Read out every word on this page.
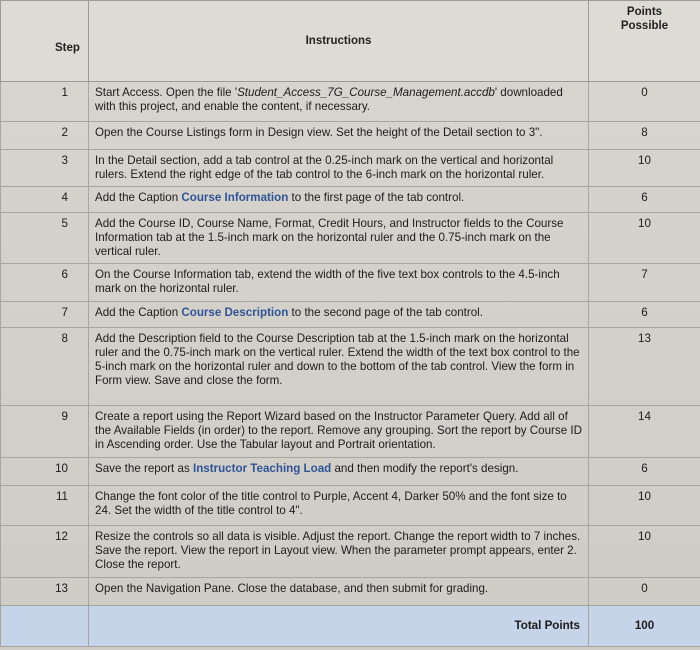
Step	Instructions	Points
Possible
1	Start Access. Open the file 'Student_Access_7G_Course_Management.accdb' downloaded with this project, and enable the content, if necessary.	0
2	Open the Course Listings form in Design view. Set the height of the Detail section to 3".	8
3	In the Detail section, add a tab control at the 0.25-inch mark on the vertical and horizontal rulers. Extend the right edge of the tab control to the 6-inch mark on the horizontal ruler.	10
4	Add the Caption Course Information to the first page of the tab control.	6
5	Add the Course ID, Course Name, Format, Credit Hours, and Instructor fields to the Course Information tab at the 1.5-inch mark on the horizontal ruler and the 0.75-inch mark on the vertical ruler.	10
6	On the Course Information tab, extend the width of the five text box controls to the 4.5-inch mark on the horizontal ruler.	7
7	Add the Caption Course Description to the second page of the tab control.	6
8	Add the Description field to the Course Description tab at the 1.5-inch mark on the horizontal ruler and the 0.75-inch mark on the vertical ruler. Extend the width of the text box control to the 5-inch mark on the horizontal ruler and down to the bottom of the tab control. View the form in Form view. Save and close the form.	13
9	Create a report using the Report Wizard based on the Instructor Parameter Query. Add all of the Available Fields (in order) to the report. Remove any grouping. Sort the report by Course ID in Ascending order. Use the Tabular layout and Portrait orientation.	14
10	Save the report as Instructor Teaching Load and then modify the report's design.	6
11	Change the font color of the title control to Purple, Accent 4, Darker 50% and the font size to 24. Set the width of the title control to 4".	10
12	Resize the controls so all data is visible. Adjust the report. Change the report width to 7 inches. Save the report. View the report in Layout view. When the parameter prompt appears, enter 2. Close the report.	10
13	Open the Navigation Pane. Close the database, and then submit for grading.	0
	Total Points	100
